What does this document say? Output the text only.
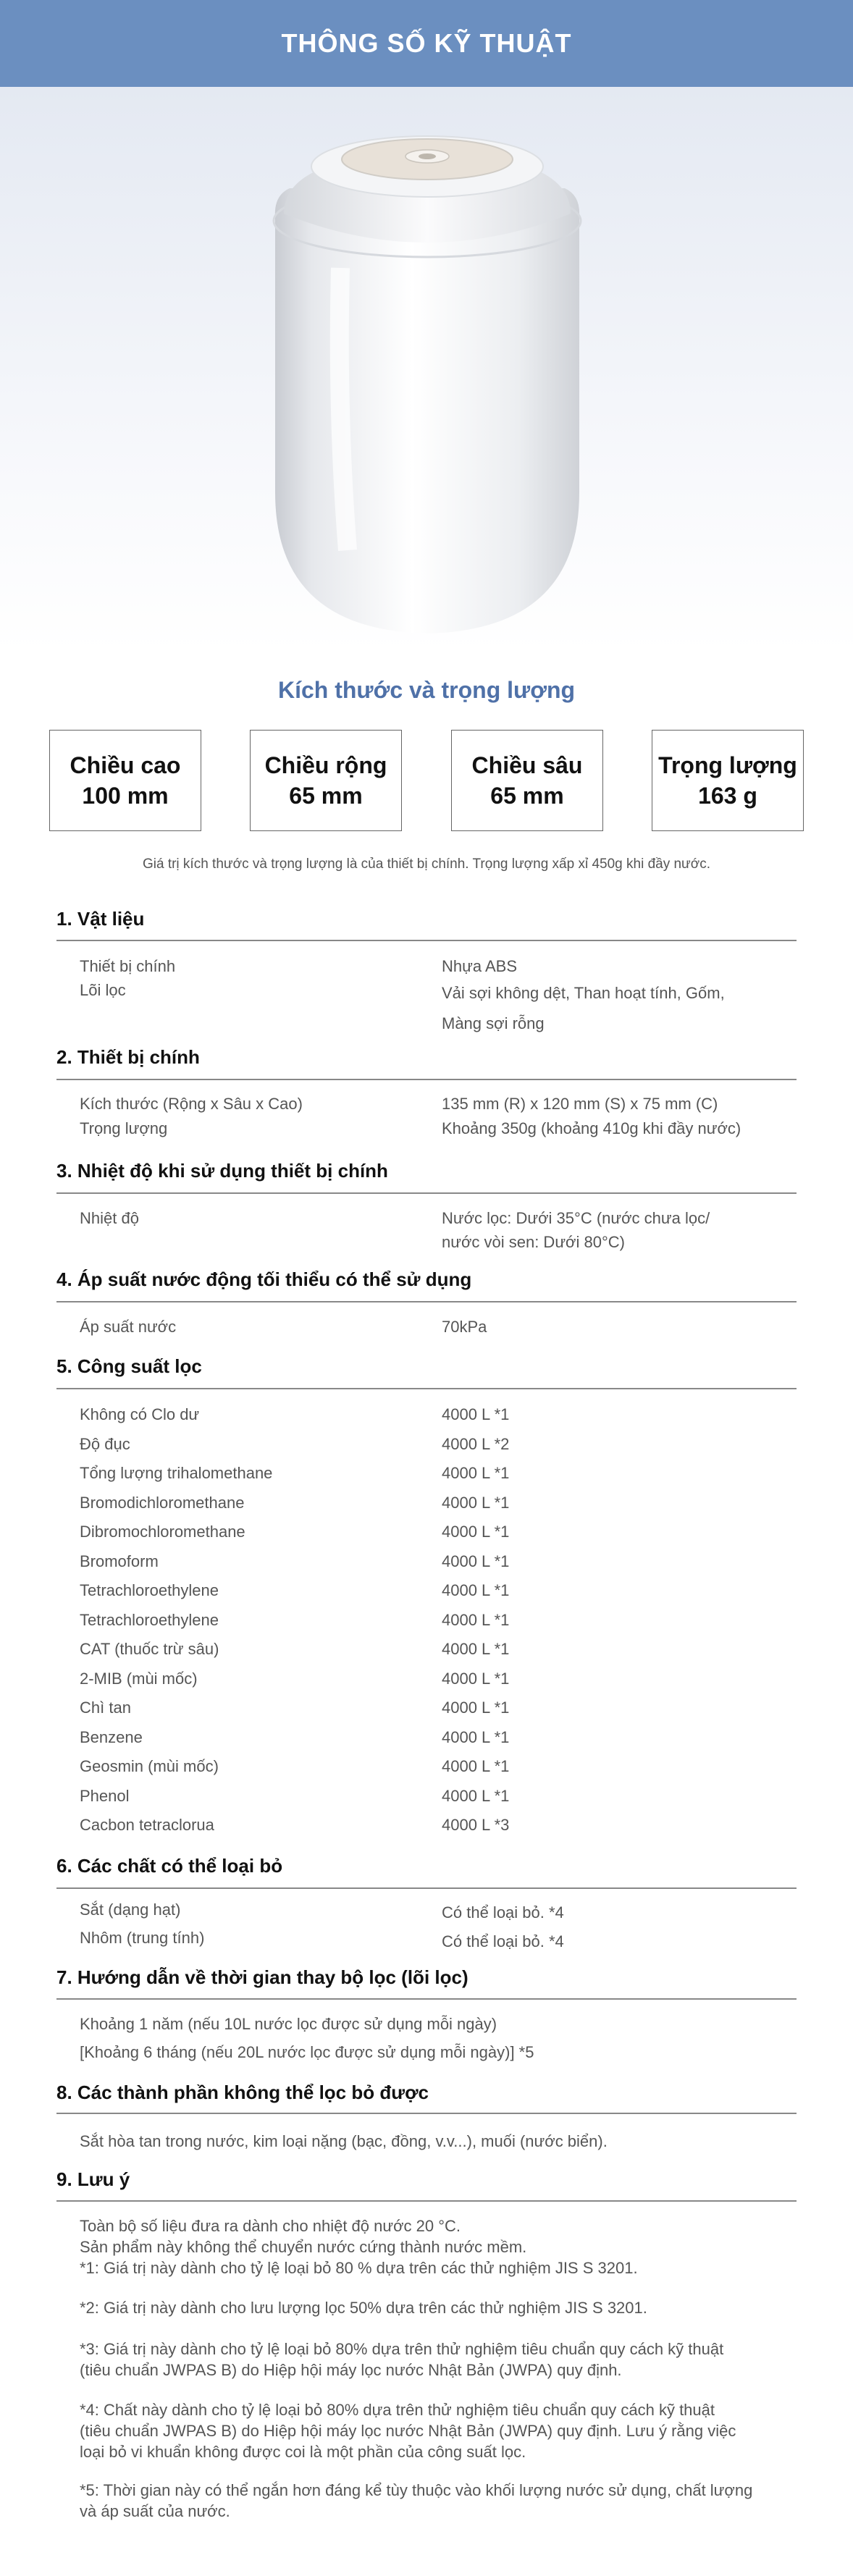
THÔNG SỐ KỸ THUẬT
Kích thước và trọng lượng
Chiều cao
100 mm
Chiều rộng
65 mm
Chiều sâu
65 mm
Trọng lượng
163 g
Giá trị kích thước và trọng lượng là của thiết bị chính. Trọng lượng xấp xỉ 450g khi đầy nước.
1. Vật liệu
Thiết bị chính	Nhựa ABS
Lõi lọc	Vải sợi không dệt, Than hoạt tính, Gốm,
Màng sợi rỗng
2. Thiết bị chính
Kích thước (Rộng x Sâu x Cao)	135 mm (R) x 120 mm (S) x 75 mm (C)
Trọng lượng	Khoảng 350g (khoảng 410g khi đầy nước)
3. Nhiệt độ khi sử dụng thiết bị chính
Nhiệt độ	Nước lọc: Dưới 35°C (nước chưa lọc/
nước vòi sen: Dưới 80°C)
4. Áp suất nước động tối thiểu có thể sử dụng
Áp suất nước	70kPa
5. Công suất lọc
Không có Clo dư	4000 L *1
Độ đục	4000 L *2
Tổng lượng trihalomethane	4000 L *1
Bromodichloromethane	4000 L *1
Dibromochloromethane	4000 L *1
Bromoform	4000 L *1
Tetrachloroethylene	4000 L *1
Tetrachloroethylene	4000 L *1
CAT (thuốc trừ sâu)	4000 L *1
2-MIB (mùi mốc)	4000 L *1
Chì tan	4000 L *1
Benzene	4000 L *1
Geosmin (mùi mốc)	4000 L *1
Phenol	4000 L *1
Cacbon tetraclorua	4000 L *3
6. Các chất có thể loại bỏ
Sắt (dạng hạt)	Có thể loại bỏ. *4
Nhôm (trung tính)	Có thể loại bỏ. *4
7. Hướng dẫn về thời gian thay bộ lọc (lõi lọc)
Khoảng 1 năm (nếu 10L nước lọc được sử dụng mỗi ngày)
[Khoảng 6 tháng (nếu 20L nước lọc được sử dụng mỗi ngày)] *5
8. Các thành phần không thể lọc bỏ được
Sắt hòa tan trong nước, kim loại nặng (bạc, đồng, v.v...), muối (nước biển).
9. Lưu ý
Toàn bộ số liệu đưa ra dành cho nhiệt độ nước 20 °C.
Sản phẩm này không thể chuyển nước cứng thành nước mềm.
*1: Giá trị này dành cho tỷ lệ loại bỏ 80 % dựa trên các thử nghiệm JIS S 3201.
*2: Giá trị này dành cho lưu lượng lọc 50% dựa trên các thử nghiệm JIS S 3201.
*3: Giá trị này dành cho tỷ lệ loại bỏ 80% dựa trên thử nghiệm tiêu chuẩn quy cách kỹ thuật
(tiêu chuẩn JWPAS B) do Hiệp hội máy lọc nước Nhật Bản (JWPA) quy định.
*4: Chất này dành cho tỷ lệ loại bỏ 80% dựa trên thử nghiệm tiêu chuẩn quy cách kỹ thuật
(tiêu chuẩn JWPAS B) do Hiệp hội máy lọc nước Nhật Bản (JWPA) quy định. Lưu ý rằng việc
loại bỏ vi khuẩn không được coi là một phần của công suất lọc.
*5: Thời gian này có thể ngắn hơn đáng kể tùy thuộc vào khối lượng nước sử dụng, chất lượng
và áp suất của nước.
